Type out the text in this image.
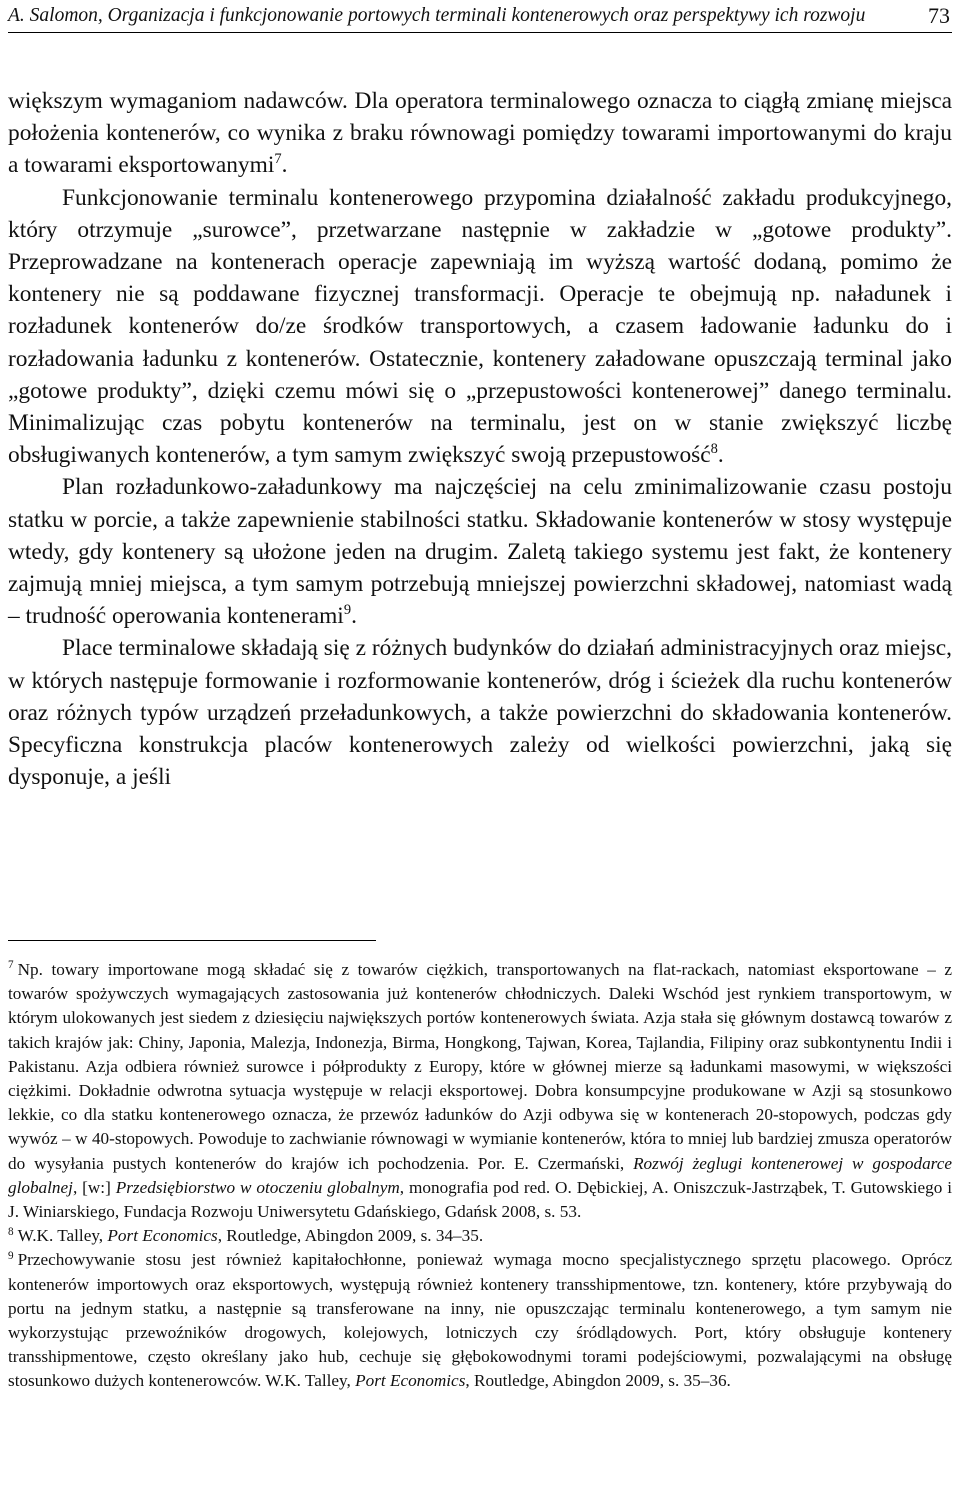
A. Salomon, Organizacja i funkcjonowanie portowych terminali kontenerowych oraz perspektywy ich rozwoju	73

większym wymaganiom nadawców. Dla operatora terminalowego oznacza to ciągłą zmianę miejsca położenia kontenerów, co wynika z braku równowagi pomiędzy towarami importowanymi do kraju a towarami eksportowanymi$^7$.

Funkcjonowanie terminalu kontenerowego przypomina działalność zakładu produkcyjnego, który otrzymuje „surowce”, przetwarzane następnie w zakładzie w „gotowe produkty”. Przeprowadzane na kontenerach operacje zapewniają im wyższą wartość dodaną, pomimo że kontenery nie są poddawane fizycznej transformacji. Operacje te obejmują np. naładunek i rozładunek kontenerów do/ze środków transportowych, a czasem ładowanie ładunku do i rozładowania ładunku z kontenerów. Ostatecznie, kontenery załadowane opuszczają terminal jako „gotowe produkty”, dzięki czemu mówi się o „przepustowości kontenerowej” danego terminalu. Minimalizując czas pobytu kontenerów na terminalu, jest on w stanie zwiększyć liczbę obsługiwanych kontenerów, a tym samym zwiększyć swoją przepustowość$^8$.

Plan rozładunkowo-załadunkowy ma najczęściej na celu zminimalizowanie czasu postoju statku w porcie, a także zapewnienie stabilności statku. Składowanie kontenerów w stosy występuje wtedy, gdy kontenery są ułożone jeden na drugim. Zaletą takiego systemu jest fakt, że kontenery zajmują mniej miejsca, a tym samym potrzebują mniejszej powierzchni składowej, natomiast wadą – trudność operowania kontenerami$^9$.

Place terminalowe składają się z różnych budynków do działań administracyjnych oraz miejsc, w których następuje formowanie i rozformowanie kontenerów, dróg i ścieżek dla ruchu kontenerów oraz różnych typów urządzeń przeładunkowych, a także powierzchni do składowania kontenerów. Specyficzna konstrukcja placów kontenerowych zależy od wielkości powierzchni, jaką się dysponuje, a jeśli

$^7$ Np. towary importowane mogą składać się z towarów ciężkich, transportowanych na flat-rackach, natomiast eksportowane – z towarów spożywczych wymagających zastosowania już kontenerów chłodniczych. Daleki Wschód jest rynkiem transportowym, w którym ulokowanych jest siedem z dziesięciu największych portów kontenerowych świata. Azja stała się głównym dostawcą towarów z takich krajów jak: Chiny, Japonia, Malezja, Indonezja, Birma, Hongkong, Tajwan, Korea, Tajlandia, Filipiny oraz subkontynentu Indii i Pakistanu. Azja odbiera również surowce i półprodukty z Europy, które w głównej mierze są ładunkami masowymi, w większości ciężkimi. Dokładnie odwrotna sytuacja występuje w relacji eksportowej. Dobra konsumpcyjne produkowane w Azji są stosunkowo lekkie, co dla statku kontenerowego oznacza, że przewóz ładunków do Azji odbywa się w kontenerach 20-stopowych, podczas gdy wywóz – w 40-stopowych. Powoduje to zachwianie równowagi w wymianie kontenerów, która to mniej lub bardziej zmusza operatorów do wysyłania pustych kontenerów do krajów ich pochodzenia. Por. E. Czermański, Rozwój żeglugi kontenerowej w gospodarce globalnej, [w:] Przedsiębiorstwo w otoczeniu globalnym, monografia pod red. O. Dębickiej, A. Oniszczuk-Jastrząbek, T. Gutowskiego i J. Winiarskiego, Fundacja Rozwoju Uniwersytetu Gdańskiego, Gdańsk 2008, s. 53.

$^8$ W.K. Talley, Port Economics, Routledge, Abingdon 2009, s. 34–35.

$^9$ Przechowywanie stosu jest również kapitałochłonne, ponieważ wymaga mocno specjalistycznego sprzętu placowego. Oprócz kontenerów importowych oraz eksportowych, występują również kontenery transshipmentowe, tzn. kontenery, które przybywają do portu na jednym statku, a następnie są transferowane na inny, nie opuszczając terminalu kontenerowego, a tym samym nie wykorzystując przewoźników drogowych, kolejowych, lotniczych czy śródlądowych. Port, który obsługuje kontenery transshipmentowe, często określany jako hub, cechuje się głębokowodnymi torami podejściowymi, pozwalającymi na obsługę stosunkowo dużych kontenerowców. W.K. Talley, Port Economics, Routledge, Abingdon 2009, s. 35–36.
